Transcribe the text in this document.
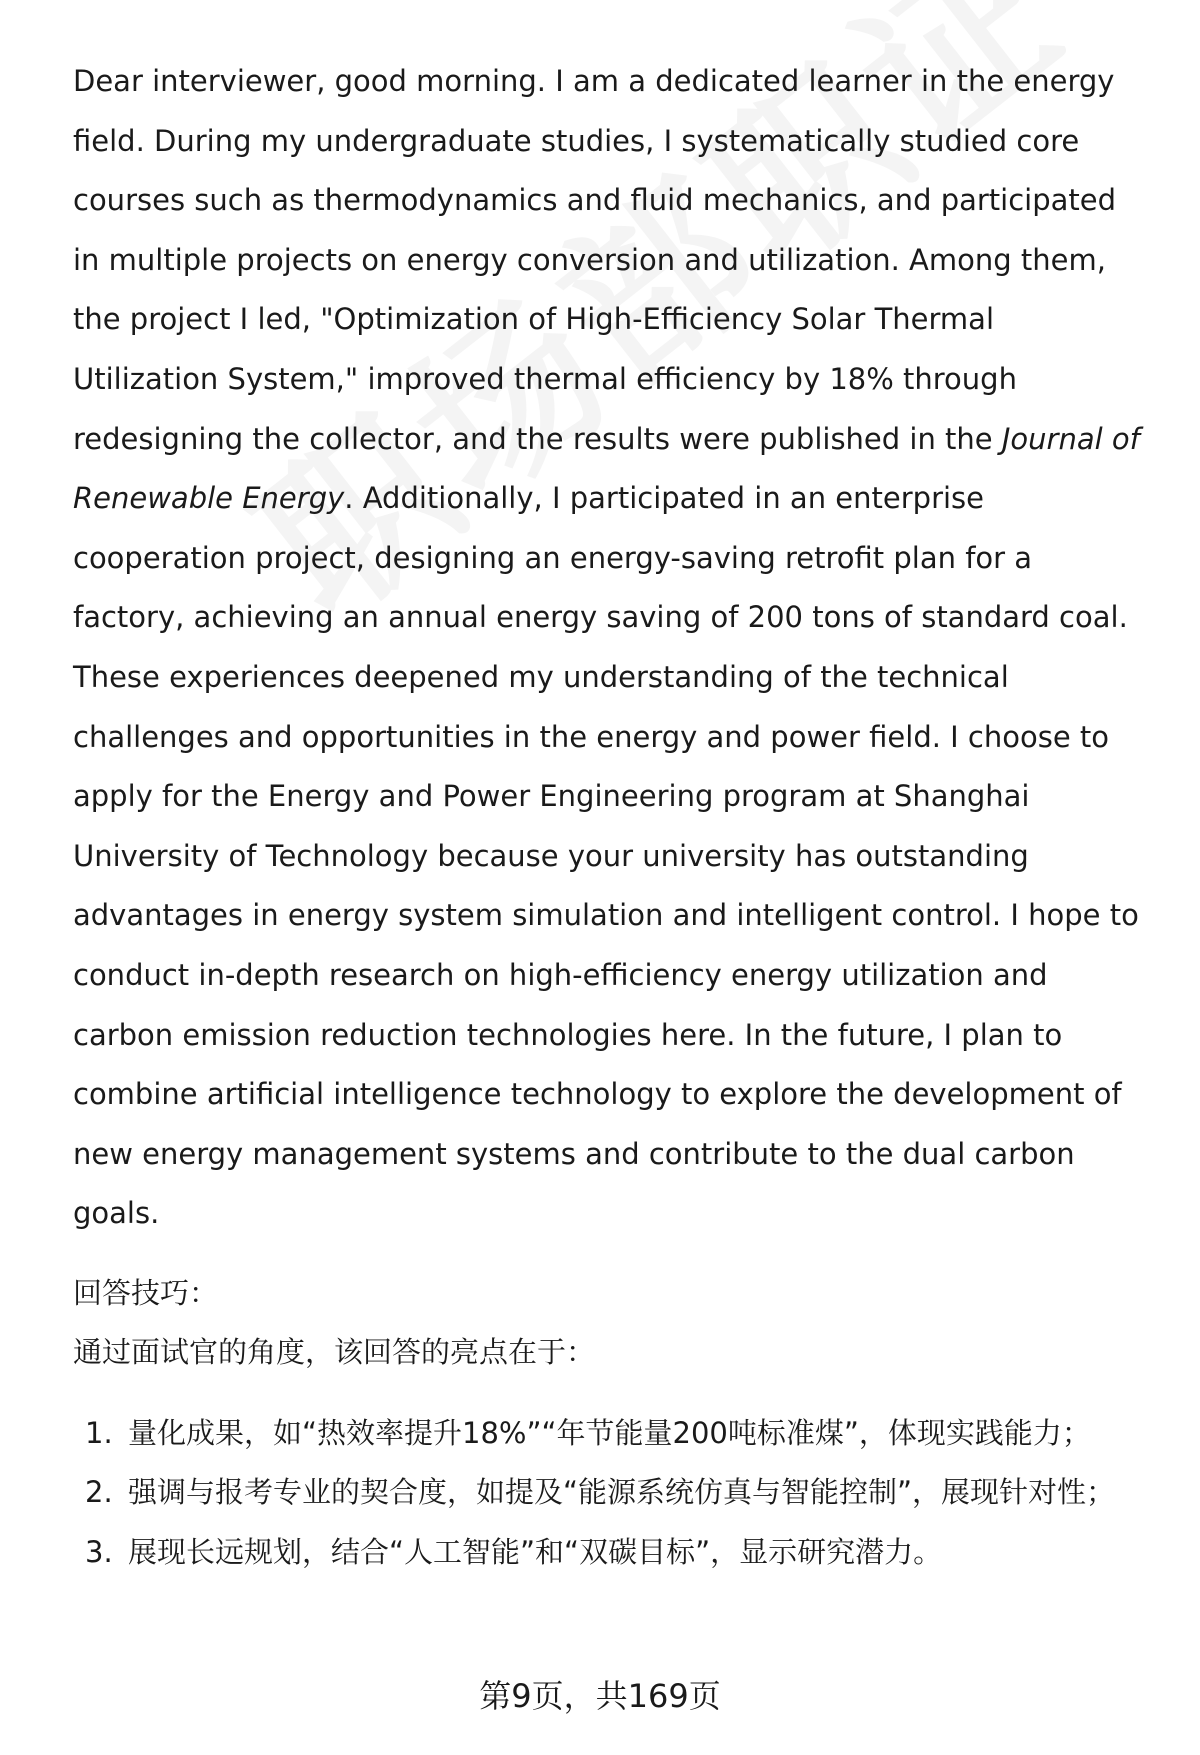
Dear interviewer, good morning. I am a dedicated learner in the energy field. During my undergraduate studies, I systematically studied core courses such as thermodynamics and fluid mechanics, and participated in multiple projects on energy conversion and utilization. Among them, the project I led, "Optimization of High-Efficiency Solar Thermal Utilization System," improved thermal efficiency by 18% through redesigning the collector, and the results were published in the Journal of Renewable Energy. Additionally, I participated in an enterprise cooperation project, designing an energy-saving retrofit plan for a factory, achieving an annual energy saving of 200 tons of standard coal. These experiences deepened my understanding of the technical challenges and opportunities in the energy and power field. I choose to apply for the Energy and Power Engineering program at Shanghai University of Technology because your university has outstanding advantages in energy system simulation and intelligent control. I hope to conduct in-depth research on high-efficiency energy utilization and carbon emission reduction technologies here. In the future, I plan to combine artificial intelligence technology to explore the development of new energy management systems and contribute to the dual carbon goals.

回答技巧：
通过面试官的角度，该回答的亮点在于：
1. 量化成果，如“热效率提升18%”“年节能量200吨标准煤”，体现实践能力；
2. 强调与报考专业的契合度，如提及“能源系统仿真与智能控制”，展现针对性；
3. 展现长远规划，结合“人工智能”和“双碳目标”，显示研究潜力。
第9页，共169页
